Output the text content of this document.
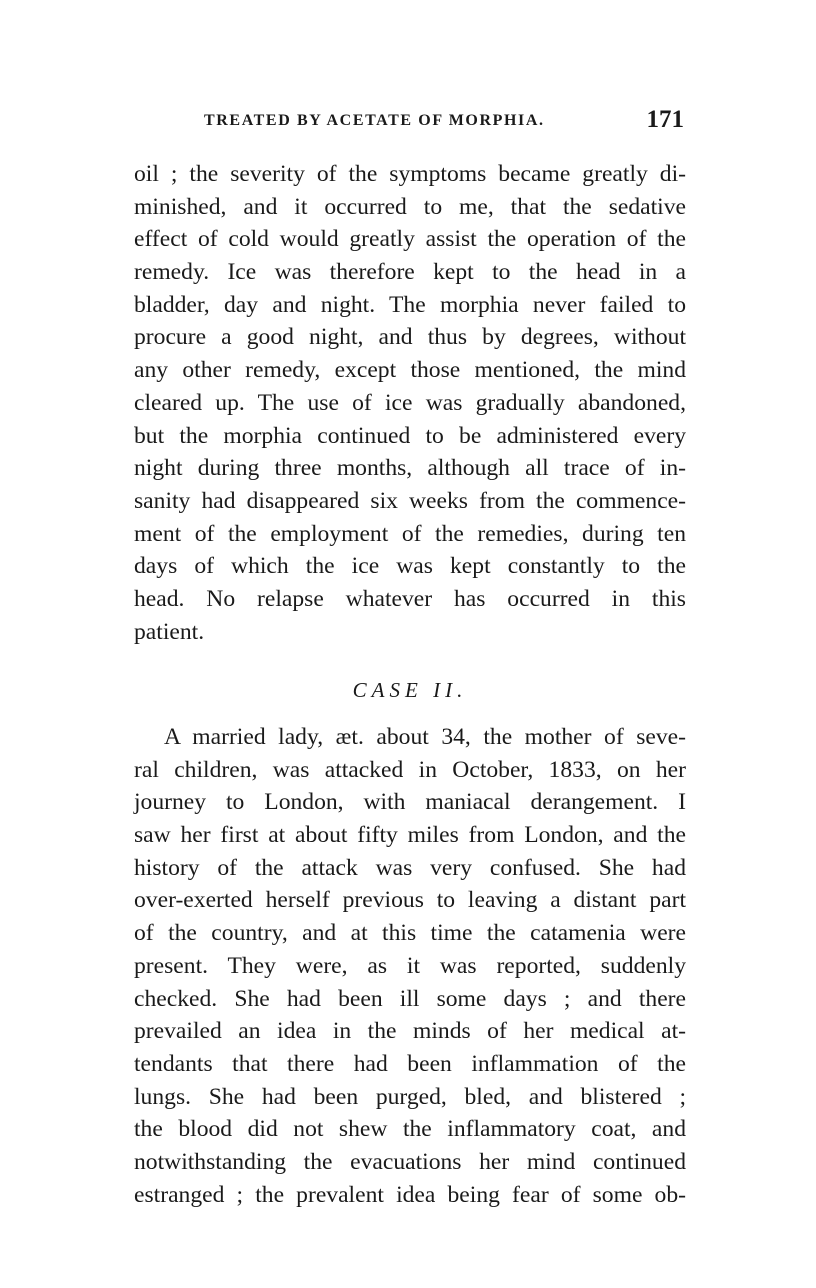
TREATED BY ACETATE OF MORPHIA.	171

oil ; the severity of the symptoms became greatly di-
minished, and it occurred to me, that the sedative
effect of cold would greatly assist the operation of the
remedy. Ice was therefore kept to the head in a
bladder, day and night. The morphia never failed to
procure a good night, and thus by degrees, without
any other remedy, except those mentioned, the mind
cleared up. The use of ice was gradually abandoned,
but the morphia continued to be administered every
night during three months, although all trace of in-
sanity had disappeared six weeks from the commence-
ment of the employment of the remedies, during ten
days of which the ice was kept constantly to the
head. No relapse whatever has occurred in this
patient.

CASE II.

A married lady, æt. about 34, the mother of seve-
ral children, was attacked in October, 1833, on her
journey to London, with maniacal derangement. I
saw her first at about fifty miles from London, and the
history of the attack was very confused. She had
over-exerted herself previous to leaving a distant part
of the country, and at this time the catamenia were
present. They were, as it was reported, suddenly
checked. She had been ill some days ; and there
prevailed an idea in the minds of her medical at-
tendants that there had been inflammation of the
lungs. She had been purged, bled, and blistered ;
the blood did not shew the inflammatory coat, and
notwithstanding the evacuations her mind continued
estranged ; the prevalent idea being fear of some ob-
